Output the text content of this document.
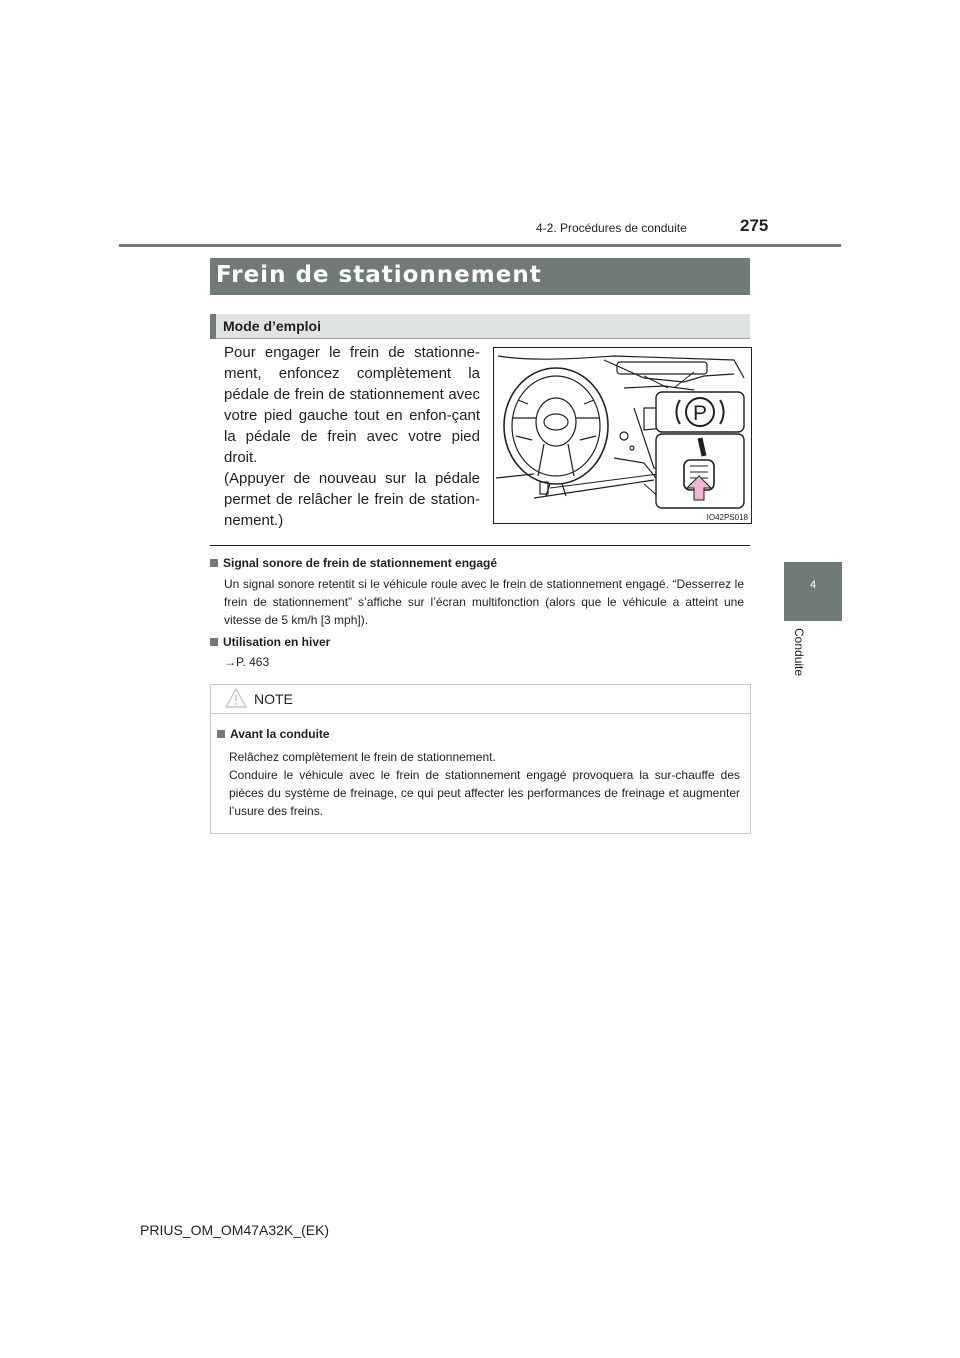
4-2. Procédures de conduite	275
4
Conduite
Frein de stationnement
Mode d’emploi

Pour engager le frein de stationne-ment, enfoncez complètement la pédale de frein de stationnement avec votre pied gauche tout en enfon-çant la pédale de frein avec votre pied droit.

(Appuyer de nouveau sur la pédale permet de relâcher le frein de station-nement.)

P
IO42PS018
Signal sonore de frein de stationnement engagé
Un signal sonore retentit si le véhicule roule avec le frein de stationnement engagé. “Desserrez le frein de stationnement” s’affiche sur l’écran multifonction (alors que le véhicule a atteint une vitesse de 5 km/h [3 mph]).
Utilisation en hiver
→P. 463
NOTE
Avant la conduite

Relâchez complètement le frein de stationnement.

Conduire le véhicule avec le frein de stationnement engagé provoquera la sur-chauffe des pièces du système de freinage, ce qui peut affecter les performances de freinage et augmenter l’usure des freins.

PRIUS_OM_OM47A32K_(EK)
